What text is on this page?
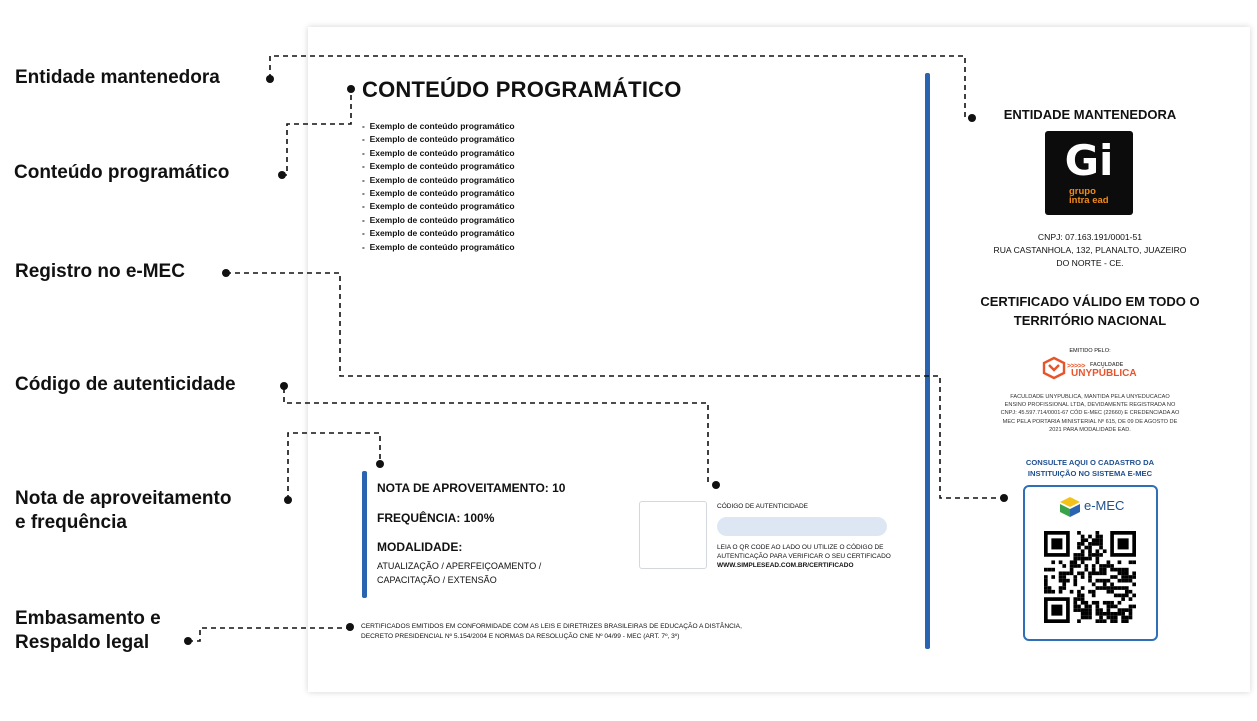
Entidade mantenedora
Conteúdo programático
Registro no e-MEC
Código de autenticidade
Nota de aproveitamento
e frequência
Embasamento e
Respaldo legal
CONTEÚDO PROGRAMÁTICO
- Exemplo de conteúdo programático
- Exemplo de conteúdo programático
- Exemplo de conteúdo programático
- Exemplo de conteúdo programático
- Exemplo de conteúdo programático
- Exemplo de conteúdo programático
- Exemplo de conteúdo programático
- Exemplo de conteúdo programático
- Exemplo de conteúdo programático
- Exemplo de conteúdo programático
NOTA DE APROVEITAMENTO: 10
FREQUÊNCIA: 100%
MODALIDADE:
ATUALIZAÇÃO / APERFEIÇOAMENTO /
CAPACITAÇÃO / EXTENSÃO
CÓDIGO DE AUTENTICIDADE
LEIA O QR CODE AO LADO OU UTILIZE O CÓDIGO DE
AUTENTICAÇÃO PARA VERIFICAR O SEU CERTIFICADO
WWW.SIMPLESEAD.COM.BR/CERTIFICADO
CERTIFICADOS EMITIDOS EM CONFORMIDADE COM AS LEIS E DIRETRIZES BRASILEIRAS DE EDUCAÇÃO A DISTÂNCIA,
DECRETO PRESIDENCIAL Nº 5.154/2004 E NORMAS DA RESOLUÇÃO CNE Nº 04/99 - MEC (ART. 7º, 3º)
ENTIDADE MANTENEDORA
Gi
grupo
intra ead
CNPJ: 07.163.191/0001-51
RUA CASTANHOLA, 132, PLANALTO, JUAZEIRO
DO NORTE - CE.
CERTIFICADO VÁLIDO EM TODO O
TERRITÓRIO NACIONAL
EMITIDO PELO:
>>>>> FACULDADE
UNYPÚBLICA
FACULDADE UNYPUBLICA, MANTIDA PELA UNYEDUCACAO
ENSINO PROFISSIONAL LTDA, DEVIDAMENTE REGISTRADA NO
CNPJ: 45.597.714/0001-67 CÓD E-MEC (22660) E CREDENCIADA AO
MEC PELA PORTARIA MINISTERIAL Nº 615, DE 09 DE AGOSTO DE
2021 PARA MODALIDADE EAD.
CONSULTE AQUI O CADASTRO DA
INSTITUIÇÃO NO SISTEMA E-MEC
e-MEC
